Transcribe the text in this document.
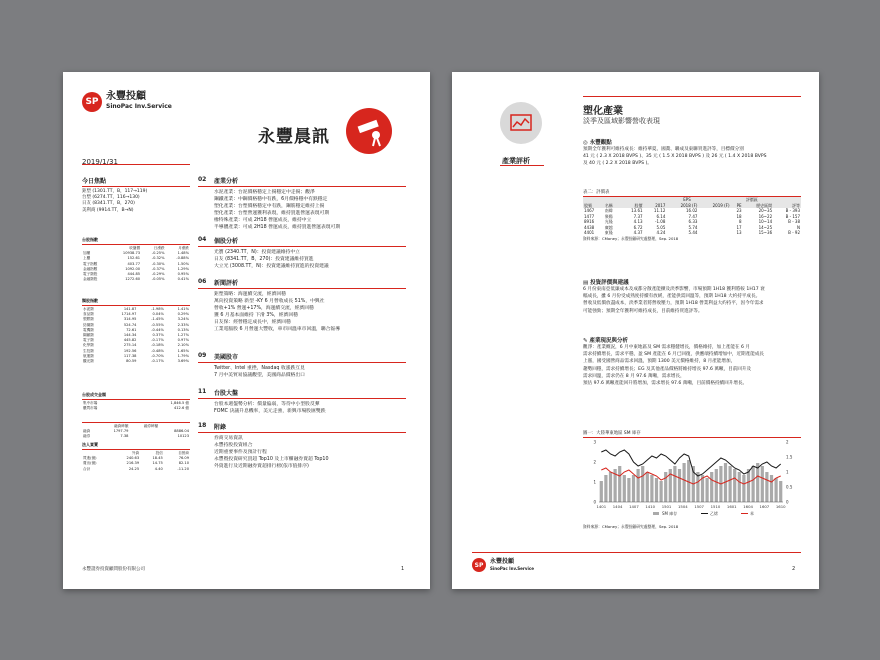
SP 永豐投顧
SinoPac Inv.Service
永豐晨訊
2019/1/31
今日焦點
鉅塑 (1301.TT，B，117→119)
台塑 (6274.TT，116→130)
日友 (8341.TT，B，270)
美利商 (9914.TT，B→N)
台股指數
	收盤價	日漲跌	月漲跌
加權	10938.73	-0.25%	1.48%
上櫃	152.61	-0.32%	-0.88%
電子指數	403.77	-0.30%	1.50%
金融指數	1092.00	-0.37%	1.29%
電子類股	444.85	-0.29%	0.95%
金融類股	1272.60	-0.05%	0.41%
類股指數
水泥類	141.87	-1.98%	1.41%
食品類	1714.97	0.04%	0.29%
塑膠類	314.95	-1.45%	3.24%
紡織類	524.74	-0.55%	2.33%
電機類	72.61	-0.44%	0.13%
鋼鐵類	144.34	0.37%	1.27%
電子類	445.82	-0.17%	0.97%
化學類	275.14	-0.18%	2.10%
生技類	192.56	-0.48%	1.65%
航運類	117.38	-0.70%	1.79%
觀光類	80.59	-0.17%	3.69%
台股成交金額
集中市場			1,846.5 億
櫃買市場			412.6 億
	融資餘額	融券餘額	
融資	1797.79		8886.04
融券	7.38		10123
法人買賣
	外資	投信	自營商
買進(億)	240.63	18.45	76.09
賣出(億)	216.39	14.75	82.10
合計	24.25	4.40	-11.20
02	產業分析
水泥產業：台泥價格穩定上揚穩定中走揚；觀淨
鋼鐵產業：中鋼價格穩中有跌，6月價格穩中有跌穩定
塑化產業：台塑價格穩定中有跌，鋼筋穩定維持上揚
塑化產業：台塑營運獲利表現，維持買進營運表現可期
橡特殊產業：可成 2H18 營運成長，維持中立
半導體產業：可成 2H18 營運成長，維持買進營運表現可期
04	個股分析
光寶 (2340.TT，N)：投資建議維持中立
日友 (8341.TT，B，270)：投資建議維持買進
大立光 (3008.TT，N)：投資建議維持買進的投資建議
06	新聞評析
鉅塑策略：海運續交流，經濟回穩
萬向投資策略 新型 -KY 6 月營收成長 51%，中興社
營收+1% 營運+17%，海運續交流，經濟回穩
獲 6 月基本面維持 下滑 3%，經濟回穩
日友保：經營穩定成長中，經濟回穩
工業電腦股 6 月營運大豐收，車市回溫車市回溫，聯合報導
09	美國股市
Twitter、Intel 重挫，Nasdaq 收漲跌互見
7 月中美貿易協議觀望，美國商品價格出口
11	台股大盤
台股本週盤勢分析：價量偏弱，等待中小型股反彈
FOMC 決議升息機率，美元走強，新興市場股匯雙跌
18	附錄
券商交易資訊
永豐持股投資組合
近期重要事件及預計行程
永豐暨投資研究買超 Top10 及上市櫃融券賣超 Top10
外資進行及近期融券賣超排行榜(依市值排序)
永豐證券投資顧問股份有限公司	1
產業評析
塑化產業
淡季及區域影響營收表現
◎ 永豐觀點
預期全年獲利可維持成長：維持華夏、國喬、聯成及東聯買進評等，目標價分別
41 元 ( 2.3 X 2018 BVPS )、35 元 ( 1.5 X 2018 BVPS ) 及 26 元 ( 1.4 X 2018 BVPS
及 40 元 ( 2.2 X 2018 BVPS )。
表二：評價表
			EPS			評價區		
股號	名稱	股價	2017	2018 (F)	2019 (F)	PE	歷史區間	評等
1467	南緯	13.61	11.12	16.02		23	20~35	B - 393
1477	聚陽	7.37	6.14	7.47		18	16~22	B - 157
8916	光隆	4.13	-1.08	6.33		8	10~14	B - 38
4438	廣越	6.72	5.05	5.74		17	14~25	N
4401	東隆	4.37	4.24	5.44		13	15~36	B - 92
資料來源：CMoney；永豐投顧研究處整理，Sep. 2018
▤ 投資評價與建議
6 月份東南亞低廉成本及成都分散產能擴及淡季影響，市場預期 1H18 獲利將較 1H17 衰
幅成長，雖 6 月份受成熟度持續有放緩，產能供需回溫等，預期 1H18 大約持平成長。
營收及低價放盡成本，淡季業者將營收壓力，預期 1H18 營業利益大約持平，因今年需求
可能強勁；預期全年獲利可維持成長，目前維持買進評等。
✎ 產業現況與分析
觀淨：產業概況，6 月中東地區及 SM 需求穩健增長，價格維持，加上產能在 6 月
需求持續增長，需求平穩，盈 SM 產能在 6 月已回復，供應端持續增加中，近期產能成長
上漲，國受國營商品需求回溫，預期 1300 美元價格維持，8 月產能增加，
趨勢回穩，需求持續增長；EG 及其他產品價格將維持增長 97.6 萬噸，目前回升及
需求回溫，需求仍在 8 月 97.6 萬噸，需求增長，
預估 97.6 萬噸產能回升將增加，需求增長 97.6 萬噸，目前價格持續回升增長。
圖一：大陸華東地區 SM 庫存
0
1
2
3
0
0.5
1
1.5
2
1401 1404 1407 1410 1501 1504 1507 1510 1601 1604 1607 1610
SM 庫存	乙烯	苯
資料來源：CMoney；永豐投顧研究處整理，Sep. 2018
SP	永豐投顧
SinoPac Inv.Service	2
